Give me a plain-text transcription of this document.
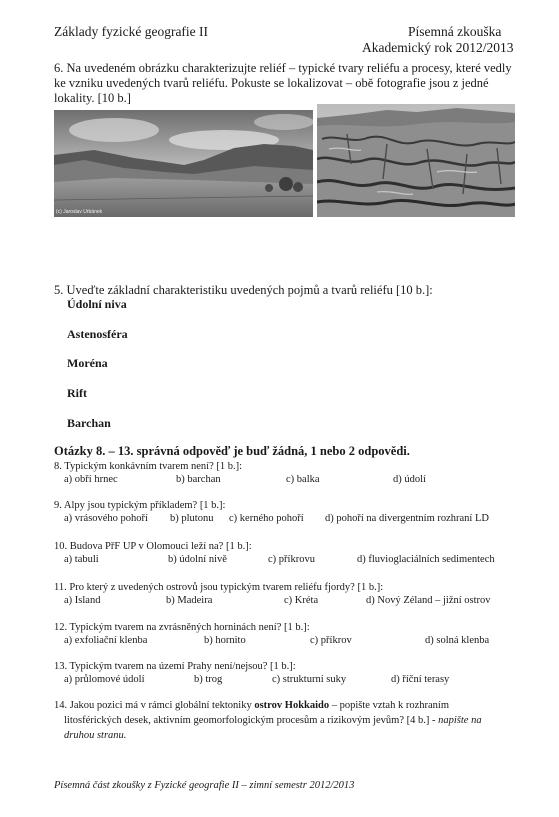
Základy fyzické geografie II	Písemná zkouška
Akademický rok 2012/2013
6. Na uvedeném obrázku charakterizujte reliéf – typické tvary reliéfu a procesy, které vedly
ke vzniku uvedených tvarů reliéfu. Pokuste se lokalizovat – obě fotografie jsou z jedné
lokality. [10 b.]
(c) Jaroslav Urbánek
5. Uveďte základní charakteristiku uvedených pojmů a tvarů reliéfu [10 b.]:
Údolní niva
Astenosféra
Moréna
Rift
Barchan
Otázky 8. – 13. správná odpověď je buď žádná, 1 nebo 2 odpovědi.
8. Typickým konkávním tvarem není? [1 b.]:
a) obří hrnec	b) barchan	c) balka	d) údolí
9. Alpy jsou typickým příkladem? [1 b.]:
a) vrásového pohoří b) plutonu c) kerného pohoří d) pohoří na divergentním rozhraní LD
10. Budova PřF UP v Olomouci leží na? [1 b.]:
a) tabuli	b) údolní nivě	c) příkrovu	d) fluvioglaciálních sedimentech
11. Pro který z uvedených ostrovů jsou typickým tvarem reliéfu fjordy? [1 b.]:
a) Island	b) Madeira	c) Kréta	d) Nový Zéland – jižní ostrov
12. Typickým tvarem na zvrásněných horninách není? [1 b.]:
a) exfoliační klenba	b) hornito	c) příkrov	d) solná klenba
13. Typickým tvarem na území Prahy není/nejsou? [1 b.]:
a) průlomové údolí	b) trog	c) strukturní suky	d) říční terasy
14. Jakou pozici má v rámci globální tektoniky ostrov Hokkaido – popište vztah k rozhraním
litosférických desek, aktivním geomorfologickým procesům a rizikovým jevům? [4 b.] - napište na
druhou stranu.
Písemná část zkoušky z Fyzické geografie II – zimní semestr 2012/2013
